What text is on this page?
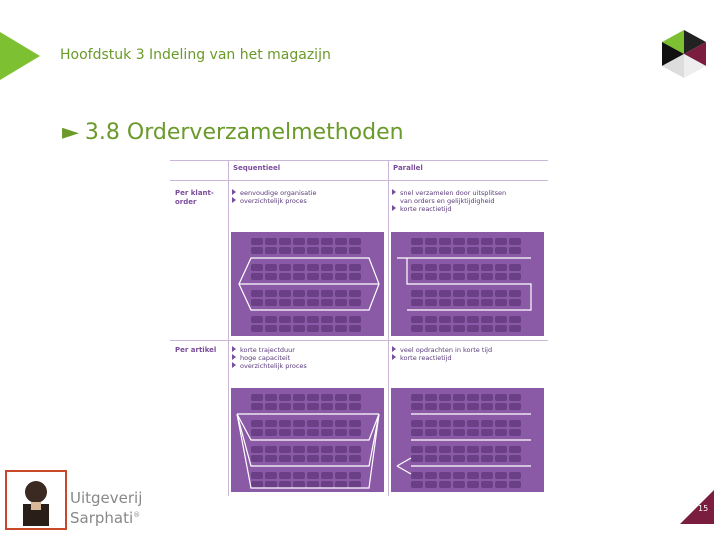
Hoofdstuk 3 Indeling van het magazijn
► 3.8 Orderverzamelmethoden
Sequentieel	Parallel
Per klant-
order
Per artikel
eenvoudige organisatie
overzichtelijk proces
snel verzamelen door uitsplitsen
van orders en gelijktijdigheid
korte reactietijd
korte trajectduur
hoge capaciteit
overzichtelijk proces
veel opdrachten in korte tijd
korte reactietijd
Uitgeverij
Sarphati®
15
